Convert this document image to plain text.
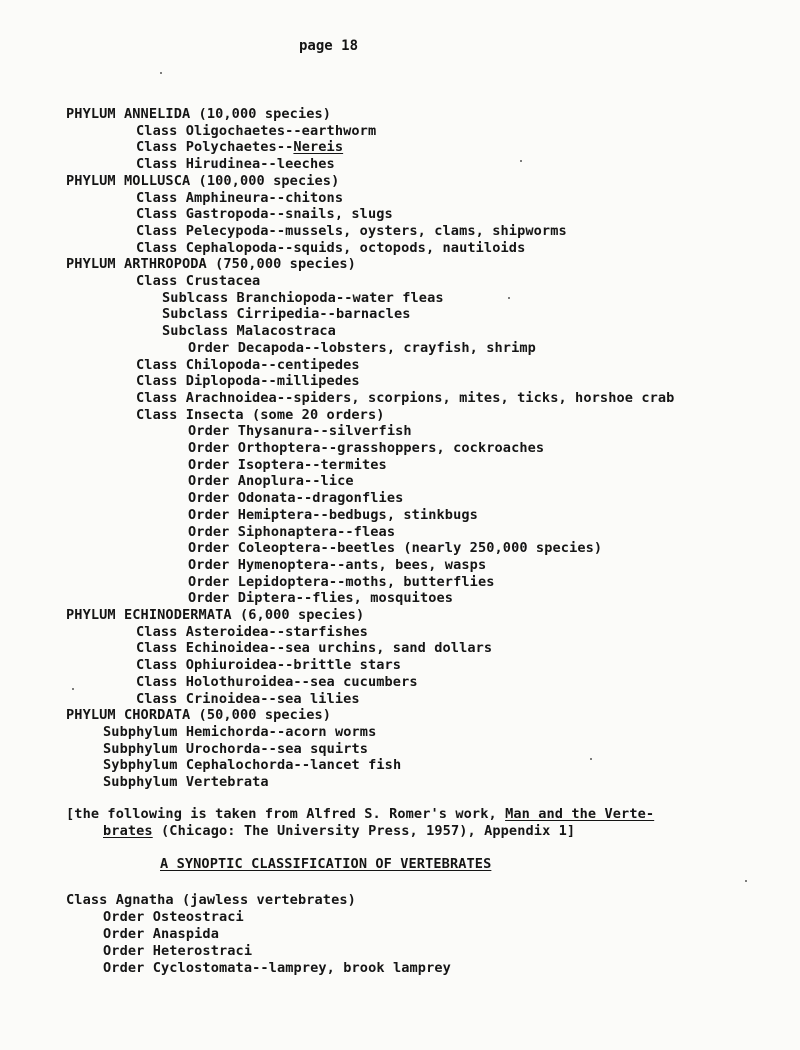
page 18
PHYLUM ANNELIDA (10,000 species)
Class Oligochaetes--earthworm
Class Polychaetes--Nereis
Class Hirudinea--leeches
PHYLUM MOLLUSCA (100,000 species)
Class Amphineura--chitons
Class Gastropoda--snails, slugs
Class Pelecypoda--mussels, oysters, clams, shipworms
Class Cephalopoda--squids, octopods, nautiloids
PHYLUM ARTHROPODA (750,000 species)
Class Crustacea
Sublcass Branchiopoda--water fleas
Subclass Cirripedia--barnacles
Subclass Malacostraca
Order Decapoda--lobsters, crayfish, shrimp
Class Chilopoda--centipedes
Class Diplopoda--millipedes
Class Arachnoidea--spiders, scorpions, mites, ticks, horshoe crab
Class Insecta (some 20 orders)
Order Thysanura--silverfish
Order Orthoptera--grasshoppers, cockroaches
Order Isoptera--termites
Order Anoplura--lice
Order Odonata--dragonflies
Order Hemiptera--bedbugs, stinkbugs
Order Siphonaptera--fleas
Order Coleoptera--beetles (nearly 250,000 species)
Order Hymenoptera--ants, bees, wasps
Order Lepidoptera--moths, butterflies
Order Diptera--flies, mosquitoes
PHYLUM ECHINODERMATA (6,000 species)
Class Asteroidea--starfishes
Class Echinoidea--sea urchins, sand dollars
Class Ophiuroidea--brittle stars
Class Holothuroidea--sea cucumbers
Class Crinoidea--sea lilies
PHYLUM CHORDATA (50,000 species)
Subphylum Hemichorda--acorn worms
Subphylum Urochorda--sea squirts
Sybphylum Cephalochorda--lancet fish
Subphylum Vertebrata
[the following is taken from Alfred S. Romer's work, Man and the Verte-
brates (Chicago: The University Press, 1957), Appendix 1]
A SYNOPTIC CLASSIFICATION OF VERTEBRATES
Class Agnatha (jawless vertebrates)
Order Osteostraci
Order Anaspida
Order Heterostraci
Order Cyclostomata--lamprey, brook lamprey
